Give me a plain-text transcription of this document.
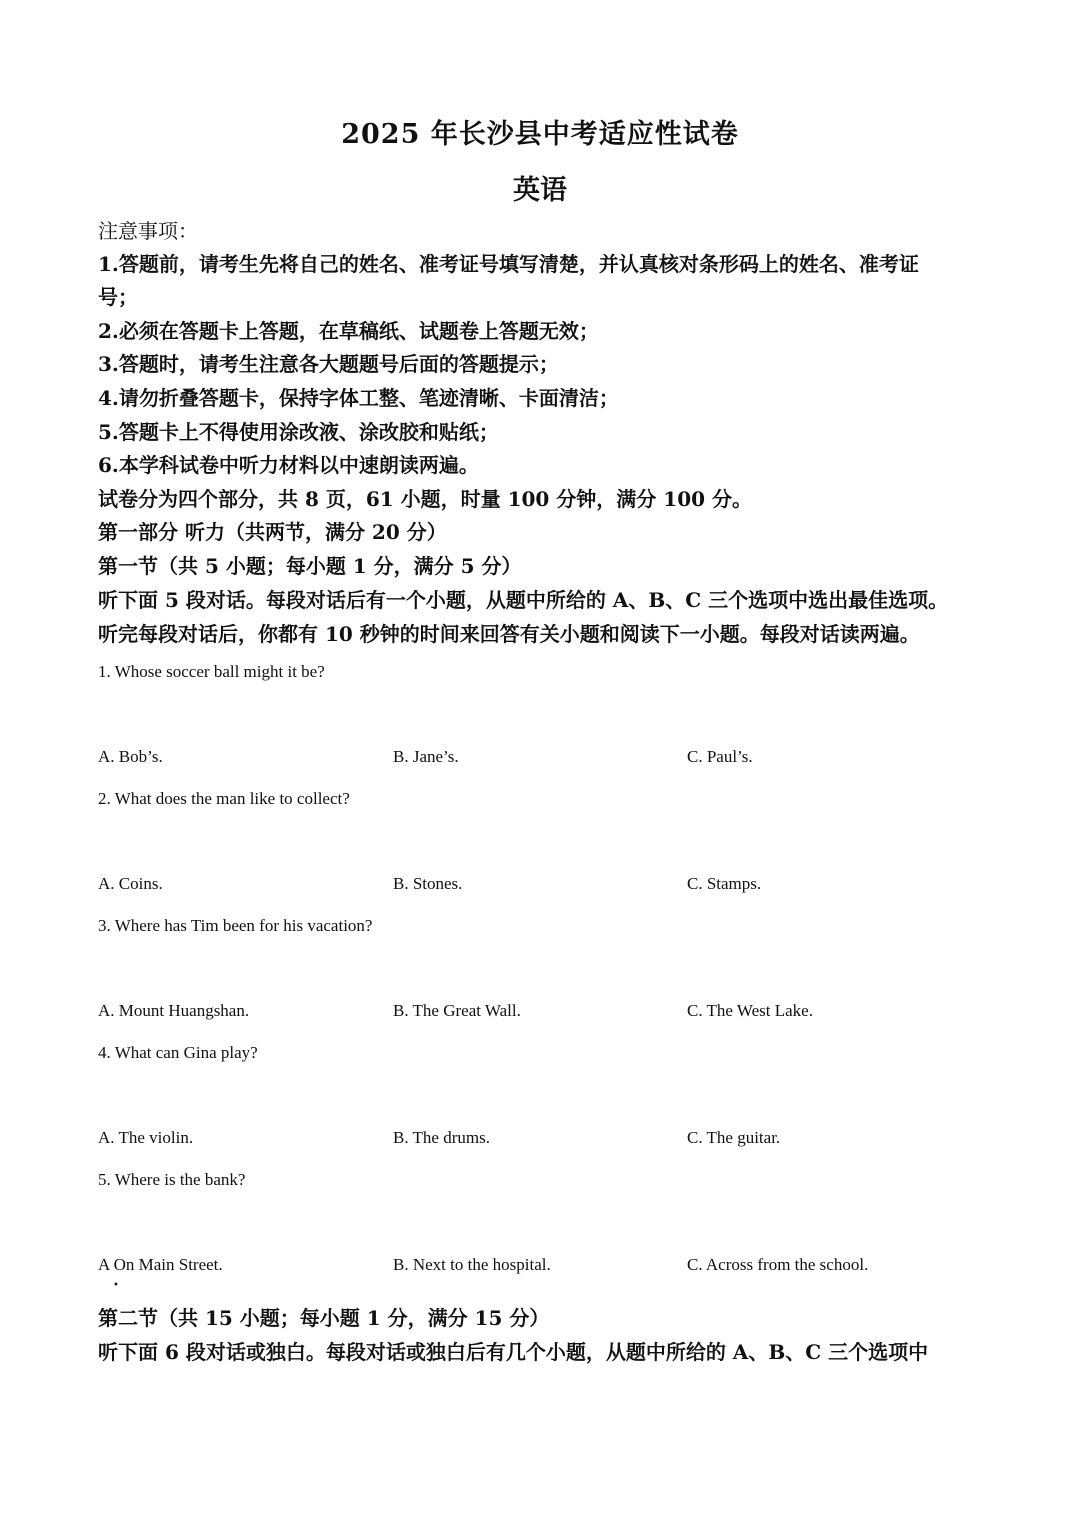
2025 年长沙县中考适应性试卷
英语
注意事项：
1.答题前，请考生先将自己的姓名、准考证号填写清楚，并认真核对条形码上的姓名、准考证
号；
2.必须在答题卡上答题，在草稿纸、试题卷上答题无效；
3.答题时，请考生注意各大题题号后面的答题提示；
4.请勿折叠答题卡，保持字体工整、笔迹清晰、卡面清洁；
5.答题卡上不得使用涂改液、涂改胶和贴纸；
6.本学科试卷中听力材料以中速朗读两遍。
试卷分为四个部分，共 8 页，61 小题，时量 100 分钟，满分 100 分。
第一部分 听力（共两节，满分 20 分）
第一节（共 5 小题；每小题 1 分，满分 5 分）
听下面 5 段对话。每段对话后有一个小题，从题中所给的 A、B、C 三个选项中选出最佳选项。
听完每段对话后，你都有 10 秒钟的时间来回答有关小题和阅读下一小题。每段对话读两遍。
1. Whose soccer ball might it be?
A. Bob’s.	B. Jane’s.	C. Paul’s.
2. What does the man like to collect?
A. Coins.	B. Stones.	C. Stamps.
3. Where has Tim been for his vacation?
A. Mount Huangshan.	B. The Great Wall.	C. The West Lake.
4. What can Gina play?
A. The violin.	B. The drums.	C. The guitar.
5. Where is the bank?
A On Main Street.
•
B. Next to the hospital.	C. Across from the school.
第二节（共 15 小题；每小题 1 分，满分 15 分）
听下面 6 段对话或独白。每段对话或独白后有几个小题，从题中所给的 A、B、C 三个选项中
